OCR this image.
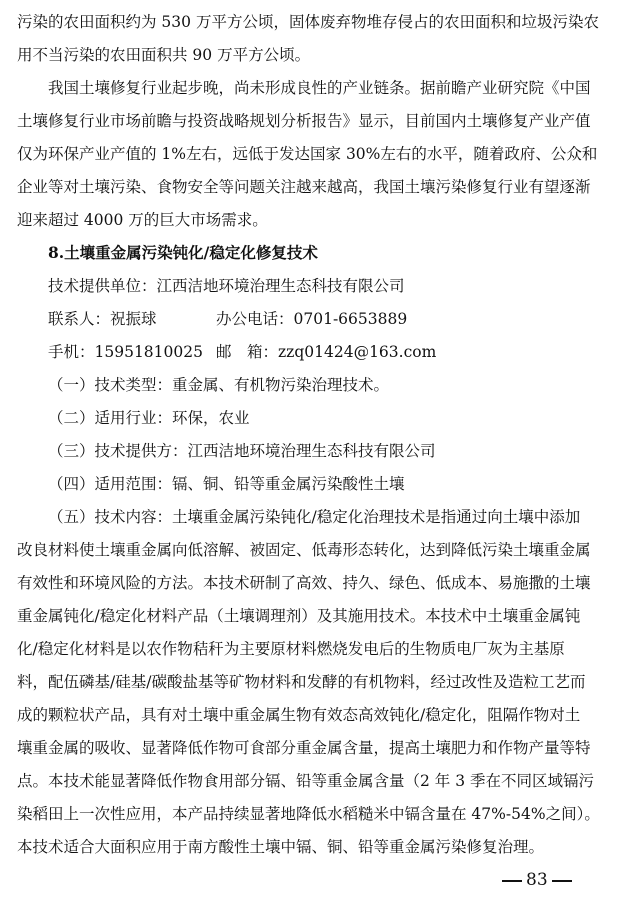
污染的农田面积约为 530 万平方公顷，固体废弃物堆存侵占的农田面积和垃圾污染农
用不当污染的农田面积共 90 万平方公顷。
我国土壤修复行业起步晚，尚未形成良性的产业链条。据前瞻产业研究院《中国
土壤修复行业市场前瞻与投资战略规划分析报告》显示，目前国内土壤修复产业产值
仅为环保产业产值的 1%左右，远低于发达国家 30%左右的水平，随着政府、公众和
企业等对土壤污染、食物安全等问题关注越来越高，我国土壤污染修复行业有望逐渐
迎来超过 4000 万的巨大市场需求。
8.土壤重金属污染钝化/稳定化修复技术
技术提供单位：江西洁地环境治理生态科技有限公司
联系人：祝振球	办公电话：0701-6653889
手机：15951810025 邮　箱：zzq01424@163.com
（一）技术类型：重金属、有机物污染治理技术。
（二）适用行业：环保，农业
（三）技术提供方：江西洁地环境治理生态科技有限公司
（四）适用范围：镉、铜、铅等重金属污染酸性土壤
（五）技术内容：土壤重金属污染钝化/稳定化治理技术是指通过向土壤中添加
改良材料使土壤重金属向低溶解、被固定、低毒形态转化，达到降低污染土壤重金属
有效性和环境风险的方法。本技术研制了高效、持久、绿色、低成本、易施撒的土壤
重金属钝化/稳定化材料产品（土壤调理剂）及其施用技术。本技术中土壤重金属钝
化/稳定化材料是以农作物秸秆为主要原材料燃烧发电后的生物质电厂灰为主基原
料，配伍磷基/硅基/碳酸盐基等矿物材料和发酵的有机物料，经过改性及造粒工艺而
成的颗粒状产品，具有对土壤中重金属生物有效态高效钝化/稳定化，阻隔作物对土
壤重金属的吸收、显著降低作物可食部分重金属含量，提高土壤肥力和作物产量等特
点。本技术能显著降低作物食用部分镉、铅等重金属含量（2 年 3 季在不同区域镉污
染稻田上一次性应用，本产品持续显著地降低水稻糙米中镉含量在 47%-54%之间）。
本技术适合大面积应用于南方酸性土壤中镉、铜、铅等重金属污染修复治理。
83
